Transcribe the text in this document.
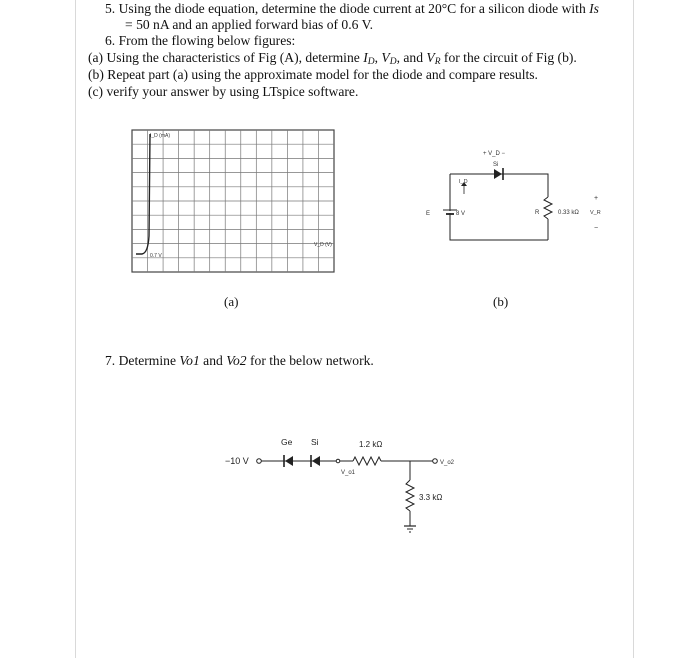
5. Using the diode equation, determine the diode current at 20°C for a silicon diode with Is
= 50 nA and an applied forward bias of 0.6 V.
6. From the flowing below figures:
(a) Using the characteristics of Fig (A), determine ID, VD, and VR for the circuit of Fig (b).
(b) Repeat part (a) using the approximate model for the diode and compare results.
(c) verify your answer by using LTspice software.
I_D (mA)
V_D (V)
0.7 V
(a)
+ V_D −
Si
I_D
E	8 V	R	0.33 kΩ V_R
+
−
(b)
7. Determine Vo1 and Vo2 for the below network.
−10 V
Ge Si
V_o1
1.2 kΩ
V_o2
3.3 kΩ
